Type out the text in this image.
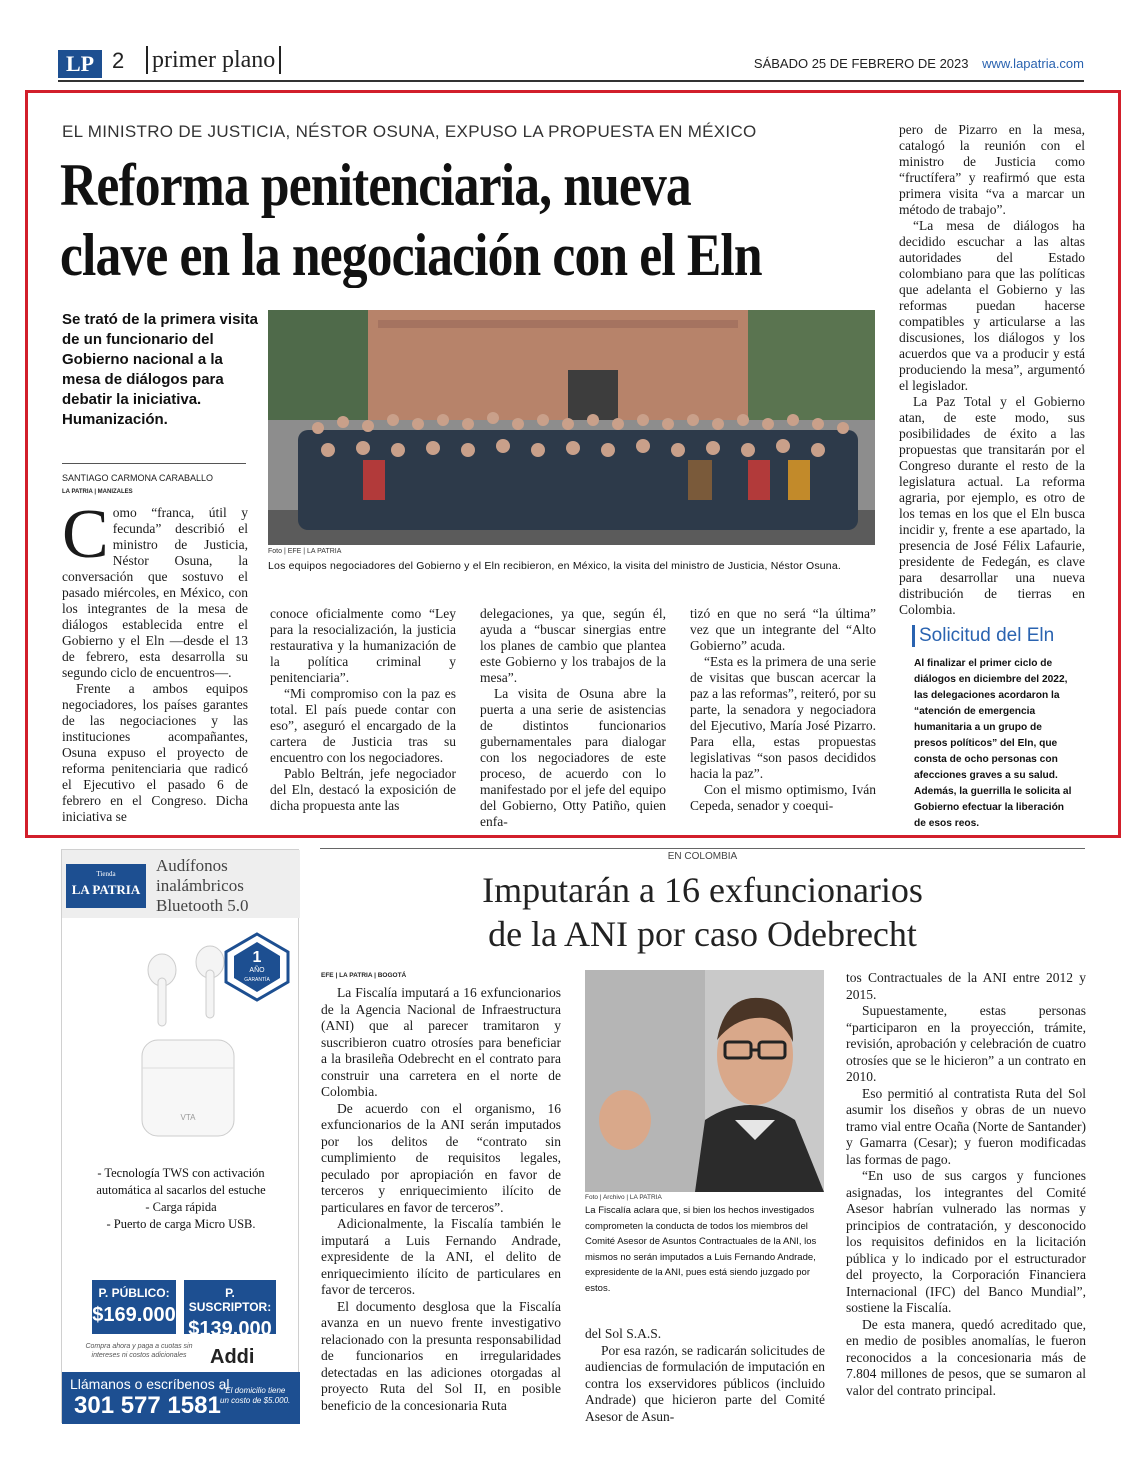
LP 2 primer plano	SÁBADO 25 DE FEBRERO DE 2023 www.lapatria.com
EL MINISTRO DE JUSTICIA, NÉSTOR OSUNA, EXPUSO LA PROPUESTA EN MÉXICO
Reforma penitenciaria, nueva
clave en la negociación con el Eln
Se trató de la primera visita de un funcionario del Gobierno nacional a la mesa de diálogos para debatir la iniciativa. Humanización.
SANTIAGO CARMONA CARABALLO
LA PATRIA | MANIZALES

Como “franca, útil y fecunda” describió el ministro de Justicia, Néstor Osuna, la conversación que sostuvo el pasado miércoles, en México, con los integrantes de la mesa de diálogos establecida entre el Gobierno y el Eln —desde el 13 de febrero, esta desarrolla su segundo ciclo de encuentros—.

Frente a ambos equipos negociadores, los países garantes de las negociaciones y las instituciones acompañantes, Osuna expuso el proyecto de reforma penitenciaria que radicó el Ejecutivo el pasado 6 de febrero en el Congreso. Dicha iniciativa se

Foto | EFE | LA PATRIA
Los equipos negociadores del Gobierno y el Eln recibieron, en México, la visita del ministro de Justicia, Néstor Osuna.

conoce oficialmente como “Ley para la resocialización, la justicia restaurativa y la humanización de la política criminal y penitenciaria”.

“Mi compromiso con la paz es total. El país puede contar con eso”, aseguró el encargado de la cartera de Justicia tras su encuentro con los negociadores.

Pablo Beltrán, jefe negociador del Eln, destacó la exposición de dicha propuesta ante las

delegaciones, ya que, según él, ayuda a “buscar sinergias entre los planes de cambio que plantea este Gobierno y los trabajos de la mesa”.

La visita de Osuna abre la puerta a una serie de asistencias de distintos funcionarios gubernamentales para dialogar con los negociadores de este proceso, de acuerdo con lo manifestado por el jefe del equipo del Gobierno, Otty Patiño, quien enfa-

tizó en que no será “la última” vez que un integrante del “Alto Gobierno” acuda.

“Esta es la primera de una serie de visitas que buscan acercar la paz a las reformas”, reiteró, por su parte, la senadora y negociadora del Ejecutivo, María José Pizarro. Para ella, estas propuestas legislativas “son pasos decididos hacia la paz”.

Con el mismo optimismo, Iván Cepeda, senador y coequi-

pero de Pizarro en la mesa, catalogó la reunión con el ministro de Justicia como “fructífera” y reafirmó que esta primera visita “va a marcar un método de trabajo”.

“La mesa de diálogos ha decidido escuchar a las altas autoridades del Estado colombiano para que las políticas que adelanta el Gobierno y las reformas puedan hacerse compatibles y articularse a las discusiones, los diálogos y los acuerdos que va a producir y está produciendo la mesa”, argumentó el legislador.

La Paz Total y el Gobierno atan, de este modo, sus posibilidades de éxito a las propuestas que transitarán por el Congreso durante el resto de la legislatura actual. La reforma agraria, por ejemplo, es otro de los temas en los que el Eln busca incidir y, frente a ese apartado, la presencia de José Félix Lafaurie, presidente de Fedegán, es clave para desarrollar una nueva distribución de tierras en Colombia.

Solicitud del Eln
Al finalizar el primer ciclo de diálogos en diciembre del 2022, las delegaciones acordaron la “atención de emergencia humanitaria a un grupo de presos políticos” del Eln, que consta de ocho personas con afecciones graves a su salud. Además, la guerrilla le solicita al Gobierno efectuar la liberación de esos reos.
Tienda
LA PATRIA
Audífonos inalámbricos Bluetooth 5.0
1
AÑO
GARANTÍA
VTA
- Tecnología TWS con activación automática al sacarlos del estuche
- Carga rápida
- Puerto de carga Micro USB.
P. PÚBLICO:
$169.000
P. SUSCRIPTOR:
$139.000
Compra ahora y paga a cuotas sin intereses ni costos adicionales	Addi
Llámanos o escríbenos al
301 577 1581
* El domicilio tiene un costo de $5.000.
EN COLOMBIA
Imputarán a 16 exfuncionarios
de la ANI por caso Odebrecht
EFE | LA PATRIA | BOGOTÁ

La Fiscalía imputará a 16 exfuncionarios de la Agencia Nacional de Infraestructura (ANI) que al parecer tramitaron y suscribieron cuatro otrosíes para beneficiar a la brasileña Odebrecht en el contrato para construir una carretera en el norte de Colombia.

De acuerdo con el organismo, 16 exfuncionarios de la ANI serán imputados por los delitos de “contrato sin cumplimiento de requisitos legales, peculado por apropiación en favor de terceros y enriquecimiento ilícito de particulares en favor de terceros”.

Adicionalmente, la Fiscalía también le imputará a Luis Fernando Andrade, expresidente de la ANI, el delito de enriquecimiento ilícito de particulares en favor de terceros.

El documento desglosa que la Fiscalía avanza en un nuevo frente investigativo relacionado con la presunta responsabilidad de funcionarios en irregularidades detectadas en las adiciones otorgadas al proyecto Ruta del Sol II, en posible beneficio de la concesionaria Ruta

Foto | Archivo | LA PATRIA
La Fiscalía aclara que, si bien los hechos investigados comprometen la conducta de todos los miembros del Comité Asesor de Asuntos Contractuales de la ANI, los mismos no serán imputados a Luis Fernando Andrade, expresidente de la ANI, pues está siendo juzgado por estos.

del Sol S.A.S.

Por esa razón, se radicarán solicitudes de audiencias de formulación de imputación en contra los exservidores públicos (incluido Andrade) que hicieron parte del Comité Asesor de Asun-

tos Contractuales de la ANI entre 2012 y 2015.

Supuestamente, estas personas “participaron en la proyección, trámite, revisión, aprobación y celebración de cuatro otrosíes que se le hicieron” a un contrato en 2010.

Eso permitió al contratista Ruta del Sol asumir los diseños y obras de un nuevo tramo vial entre Ocaña (Norte de Santander) y Gamarra (Cesar); y fueron modificadas las formas de pago.

“En uso de sus cargos y funciones asignadas, los integrantes del Comité Asesor habrían vulnerado las normas y principios de contratación, y desconocido los requisitos definidos en la licitación pública y lo indicado por el estructurador del proyecto, la Corporación Financiera Internacional (IFC) del Banco Mundial”, sostiene la Fiscalía.

De esta manera, quedó acreditado que, en medio de posibles anomalías, le fueron reconocidos a la concesionaria más de 7.804 millones de pesos, que se sumaron al valor del contrato principal.
